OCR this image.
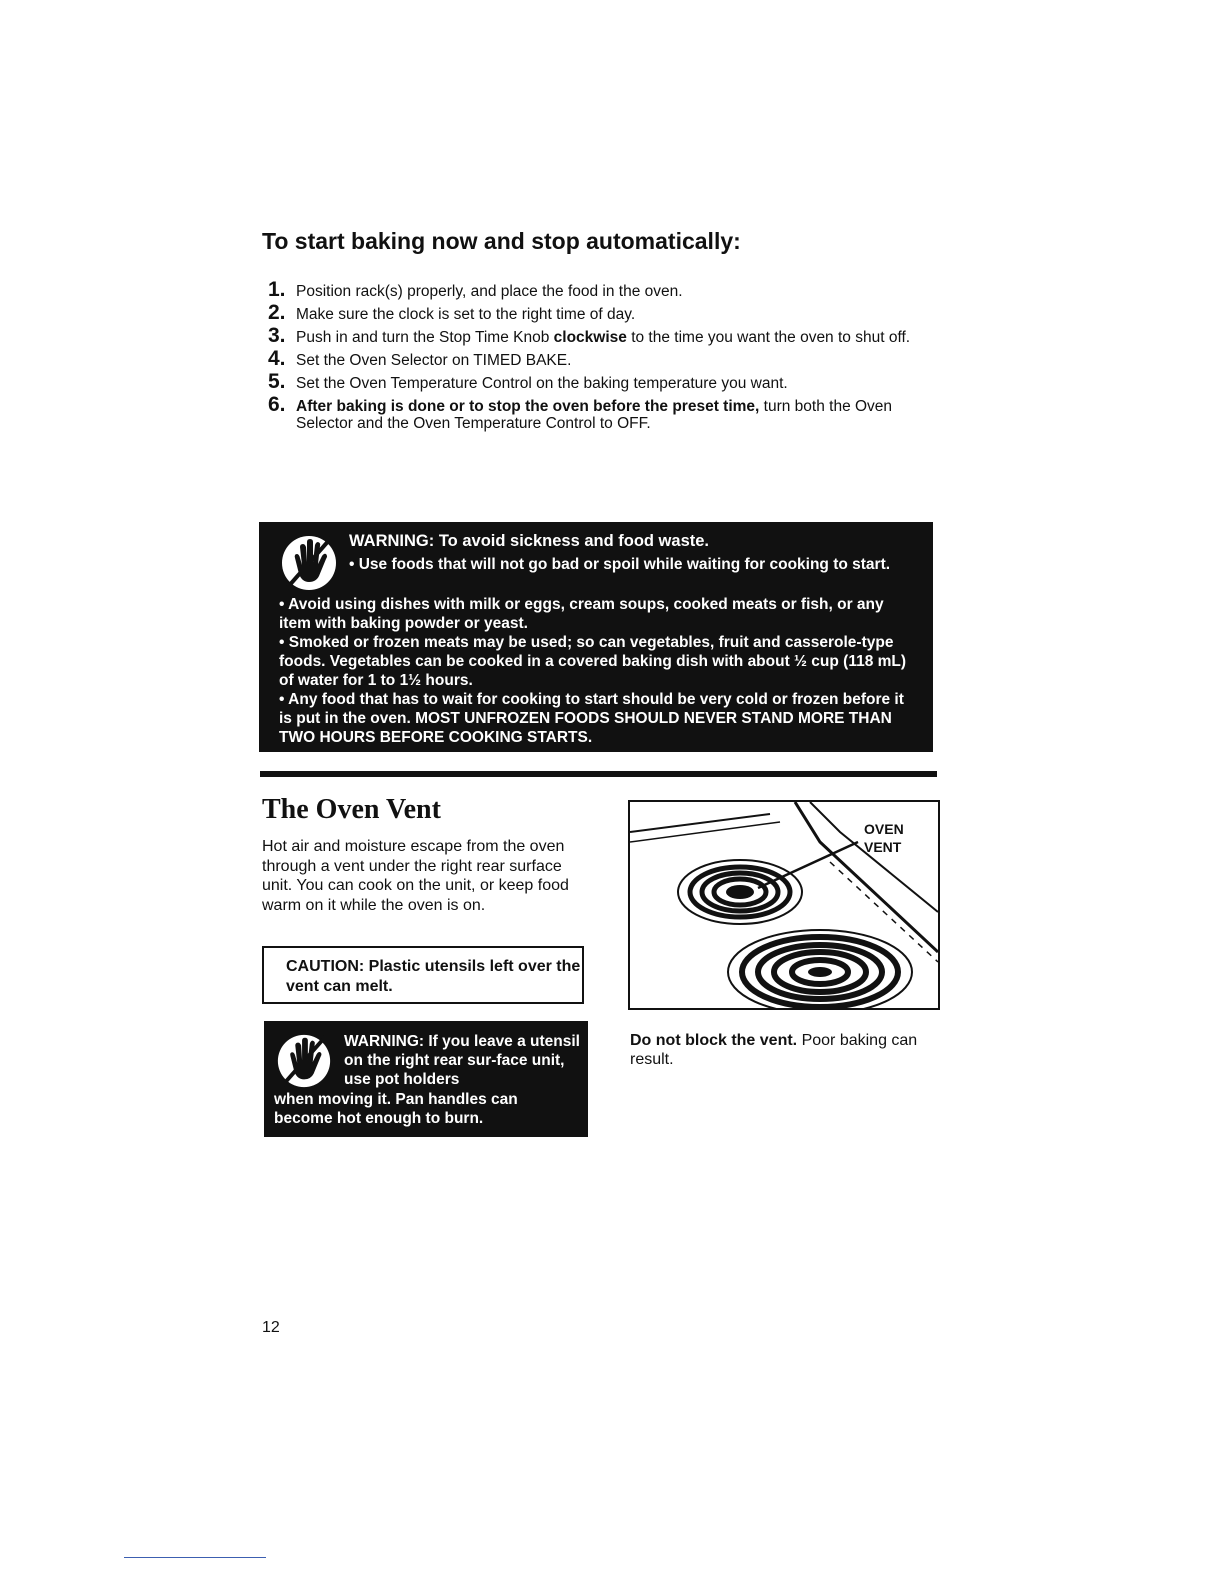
To start baking now and stop automatically:
1. Position rack(s) properly, and place the food in the oven.
2. Make sure the clock is set to the right time of day.
3. Push in and turn the Stop Time Knob clockwise to the time you want the oven to shut off.
4. Set the Oven Selector on TIMED BAKE.
5. Set the Oven Temperature Control on the baking temperature you want.
6. After baking is done or to stop the oven before the preset time, turn both the Oven Selector and the Oven Temperature Control to OFF.
WARNING: To avoid sickness and food waste.
• Use foods that will not go bad or spoil while waiting for cooking to start.
• Avoid using dishes with milk or eggs, cream soups, cooked meats or fish, or any item with baking powder or yeast.
• Smoked or frozen meats may be used; so can vegetables, fruit and casserole-type foods. Vegetables can be cooked in a covered baking dish with about ½ cup (118 mL) of water for 1 to 1½ hours.
• Any food that has to wait for cooking to start should be very cold or frozen before it is put in the oven. MOST UNFROZEN FOODS SHOULD NEVER STAND MORE THAN TWO HOURS BEFORE COOKING STARTS.
The Oven Vent
Hot air and moisture escape from the oven through a vent under the right rear surface unit. You can cook on the unit, or keep food warm on it while the oven is on.
CAUTION: Plastic utensils left over the vent can melt.
WARNING: If you leave a utensil on the right rear sur-face unit, use pot holders
when moving it. Pan handles can become hot enough to burn.
OVEN
VENT
Do not block the vent. Poor baking can result.
12
